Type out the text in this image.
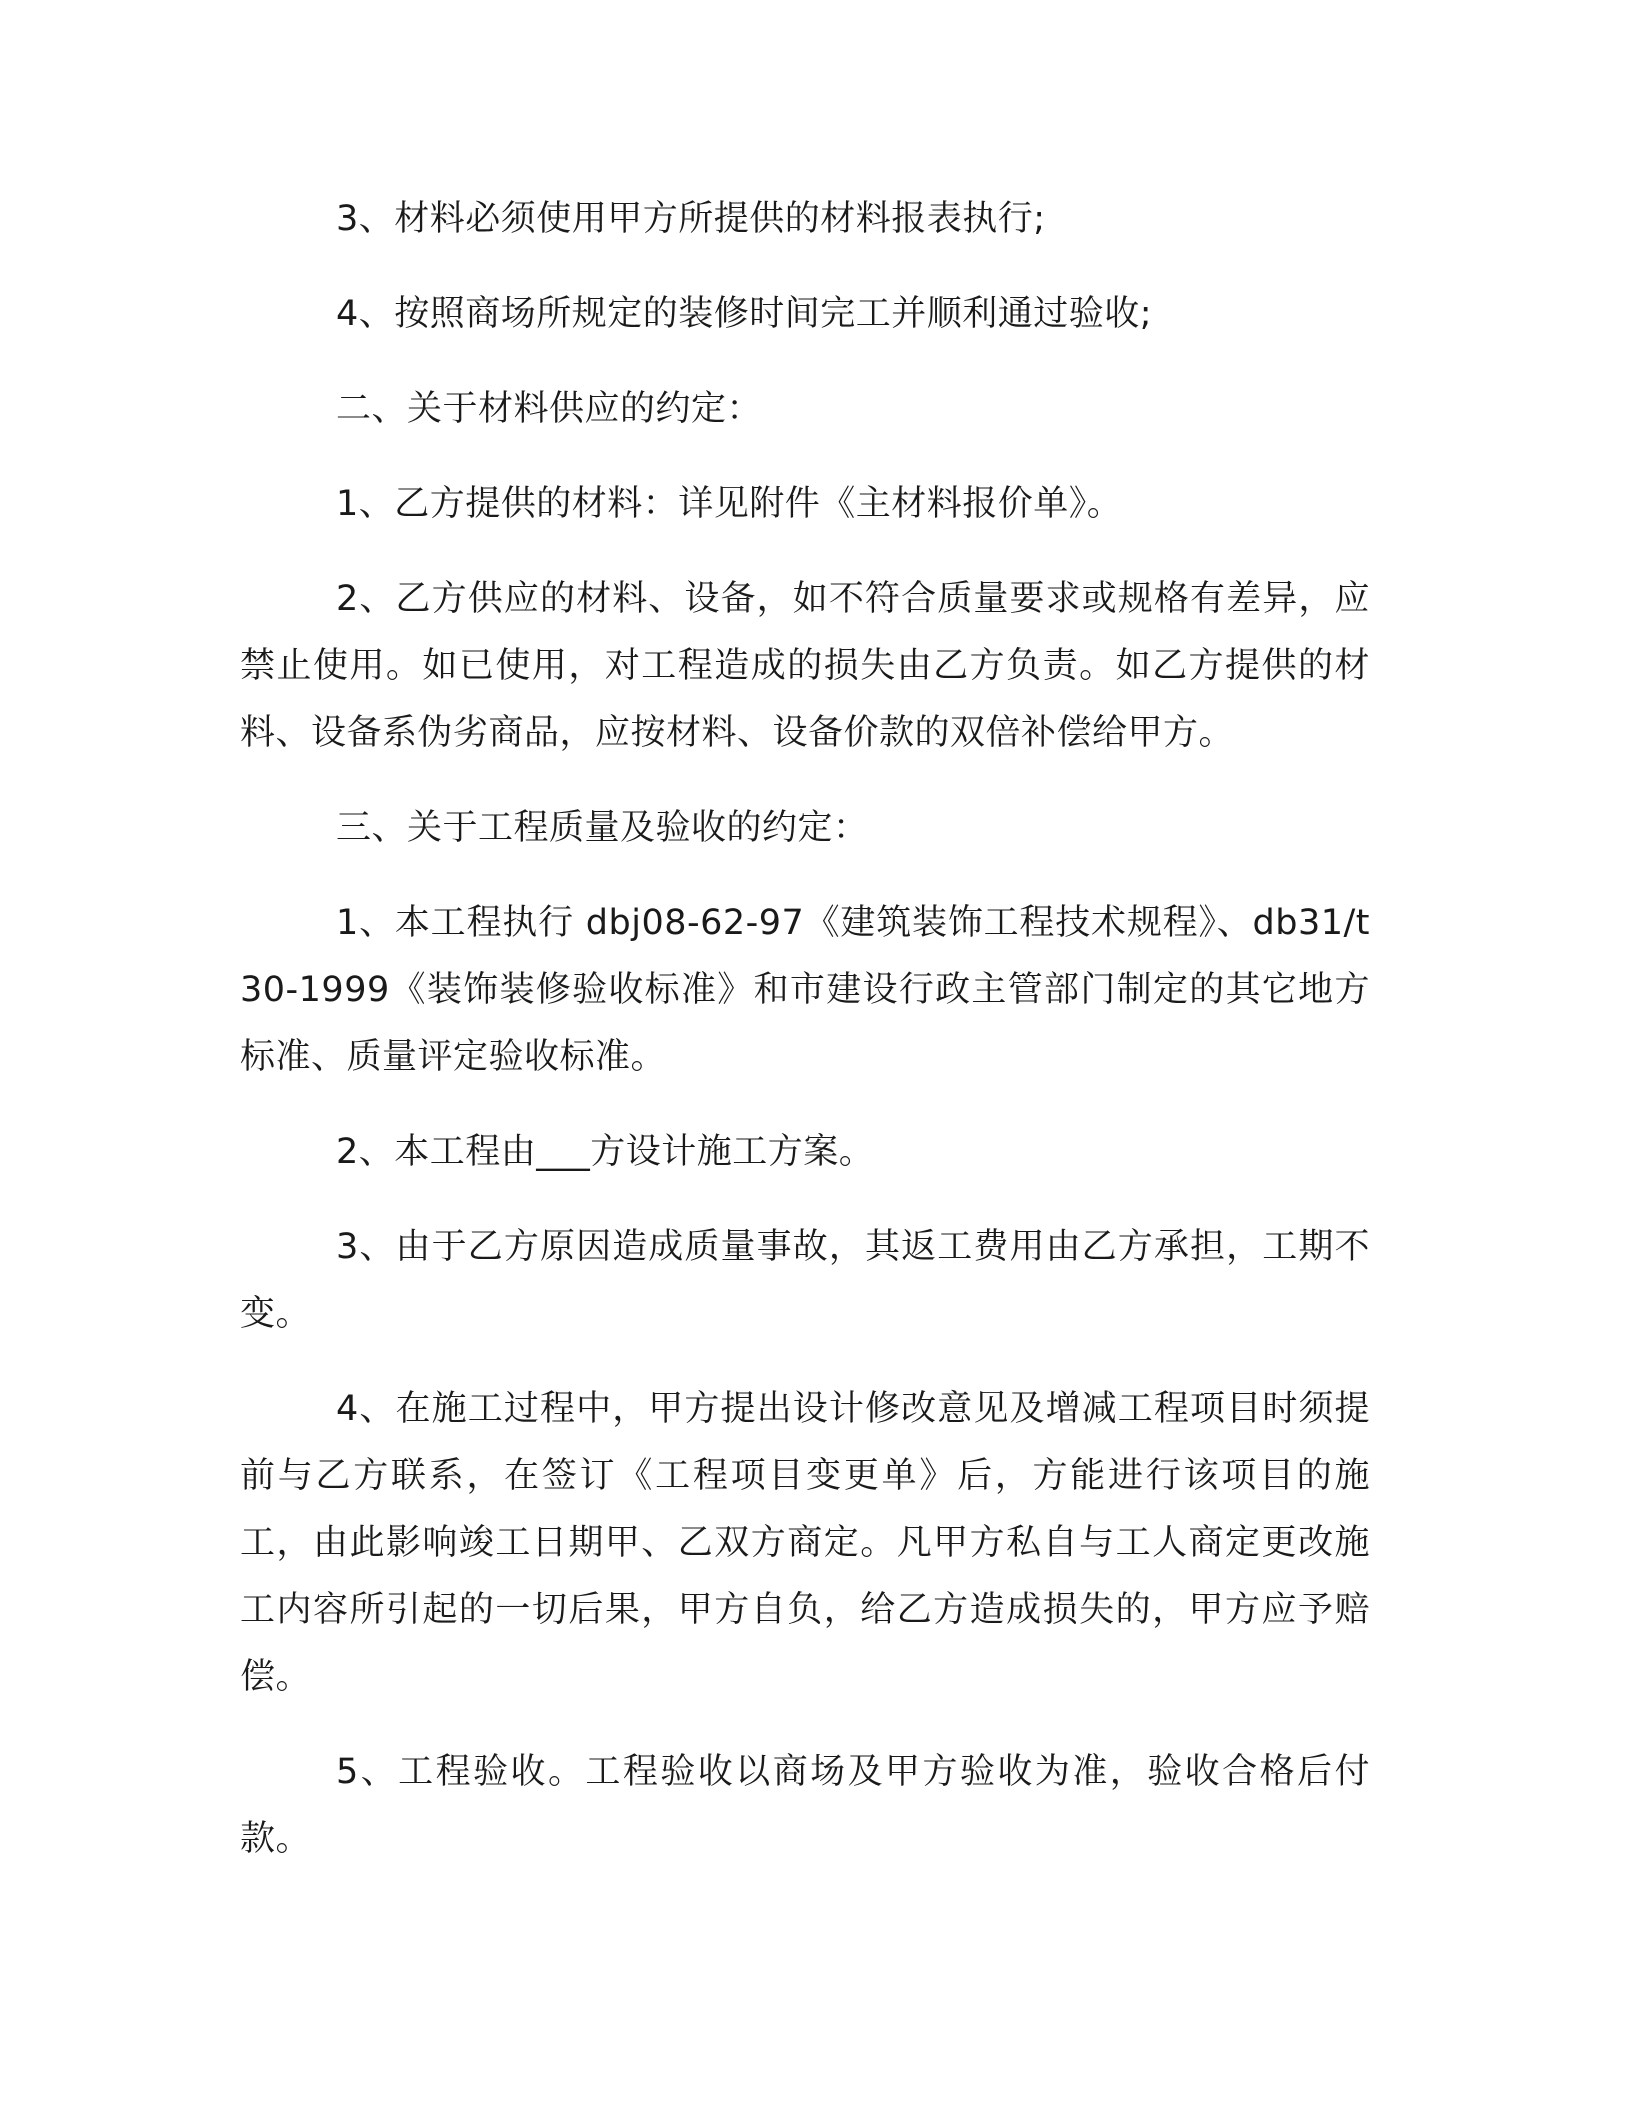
3、材料必须使用甲方所提供的材料报表执行;

4、按照商场所规定的装修时间完工并顺利通过验收;

二、关于材料供应的约定：

1、乙方提供的材料：详见附件《主材料报价单》。

2、乙方供应的材料、设备，如不符合质量要求或规格有差异，应禁止使用。如已使用，对工程造成的损失由乙方负责。如乙方提供的材料、设备系伪劣商品，应按材料、设备价款的双倍补偿给甲方。

三、关于工程质量及验收的约定：

1、本工程执行 dbj08-62-97《建筑装饰工程技术规程》、db31/t30-1999《装饰装修验收标准》和市建设行政主管部门制定的其它地方标准、质量评定验收标准。

2、本工程由___方设计施工方案。

3、由于乙方原因造成质量事故，其返工费用由乙方承担，工期不变。

4、在施工过程中，甲方提出设计修改意见及增减工程项目时须提前与乙方联系，在签订《工程项目变更单》后，方能进行该项目的施工，由此影响竣工日期甲、乙双方商定。凡甲方私自与工人商定更改施工内容所引起的一切后果，甲方自负，给乙方造成损失的，甲方应予赔偿。

5、工程验收。工程验收以商场及甲方验收为准，验收合格后付款。
